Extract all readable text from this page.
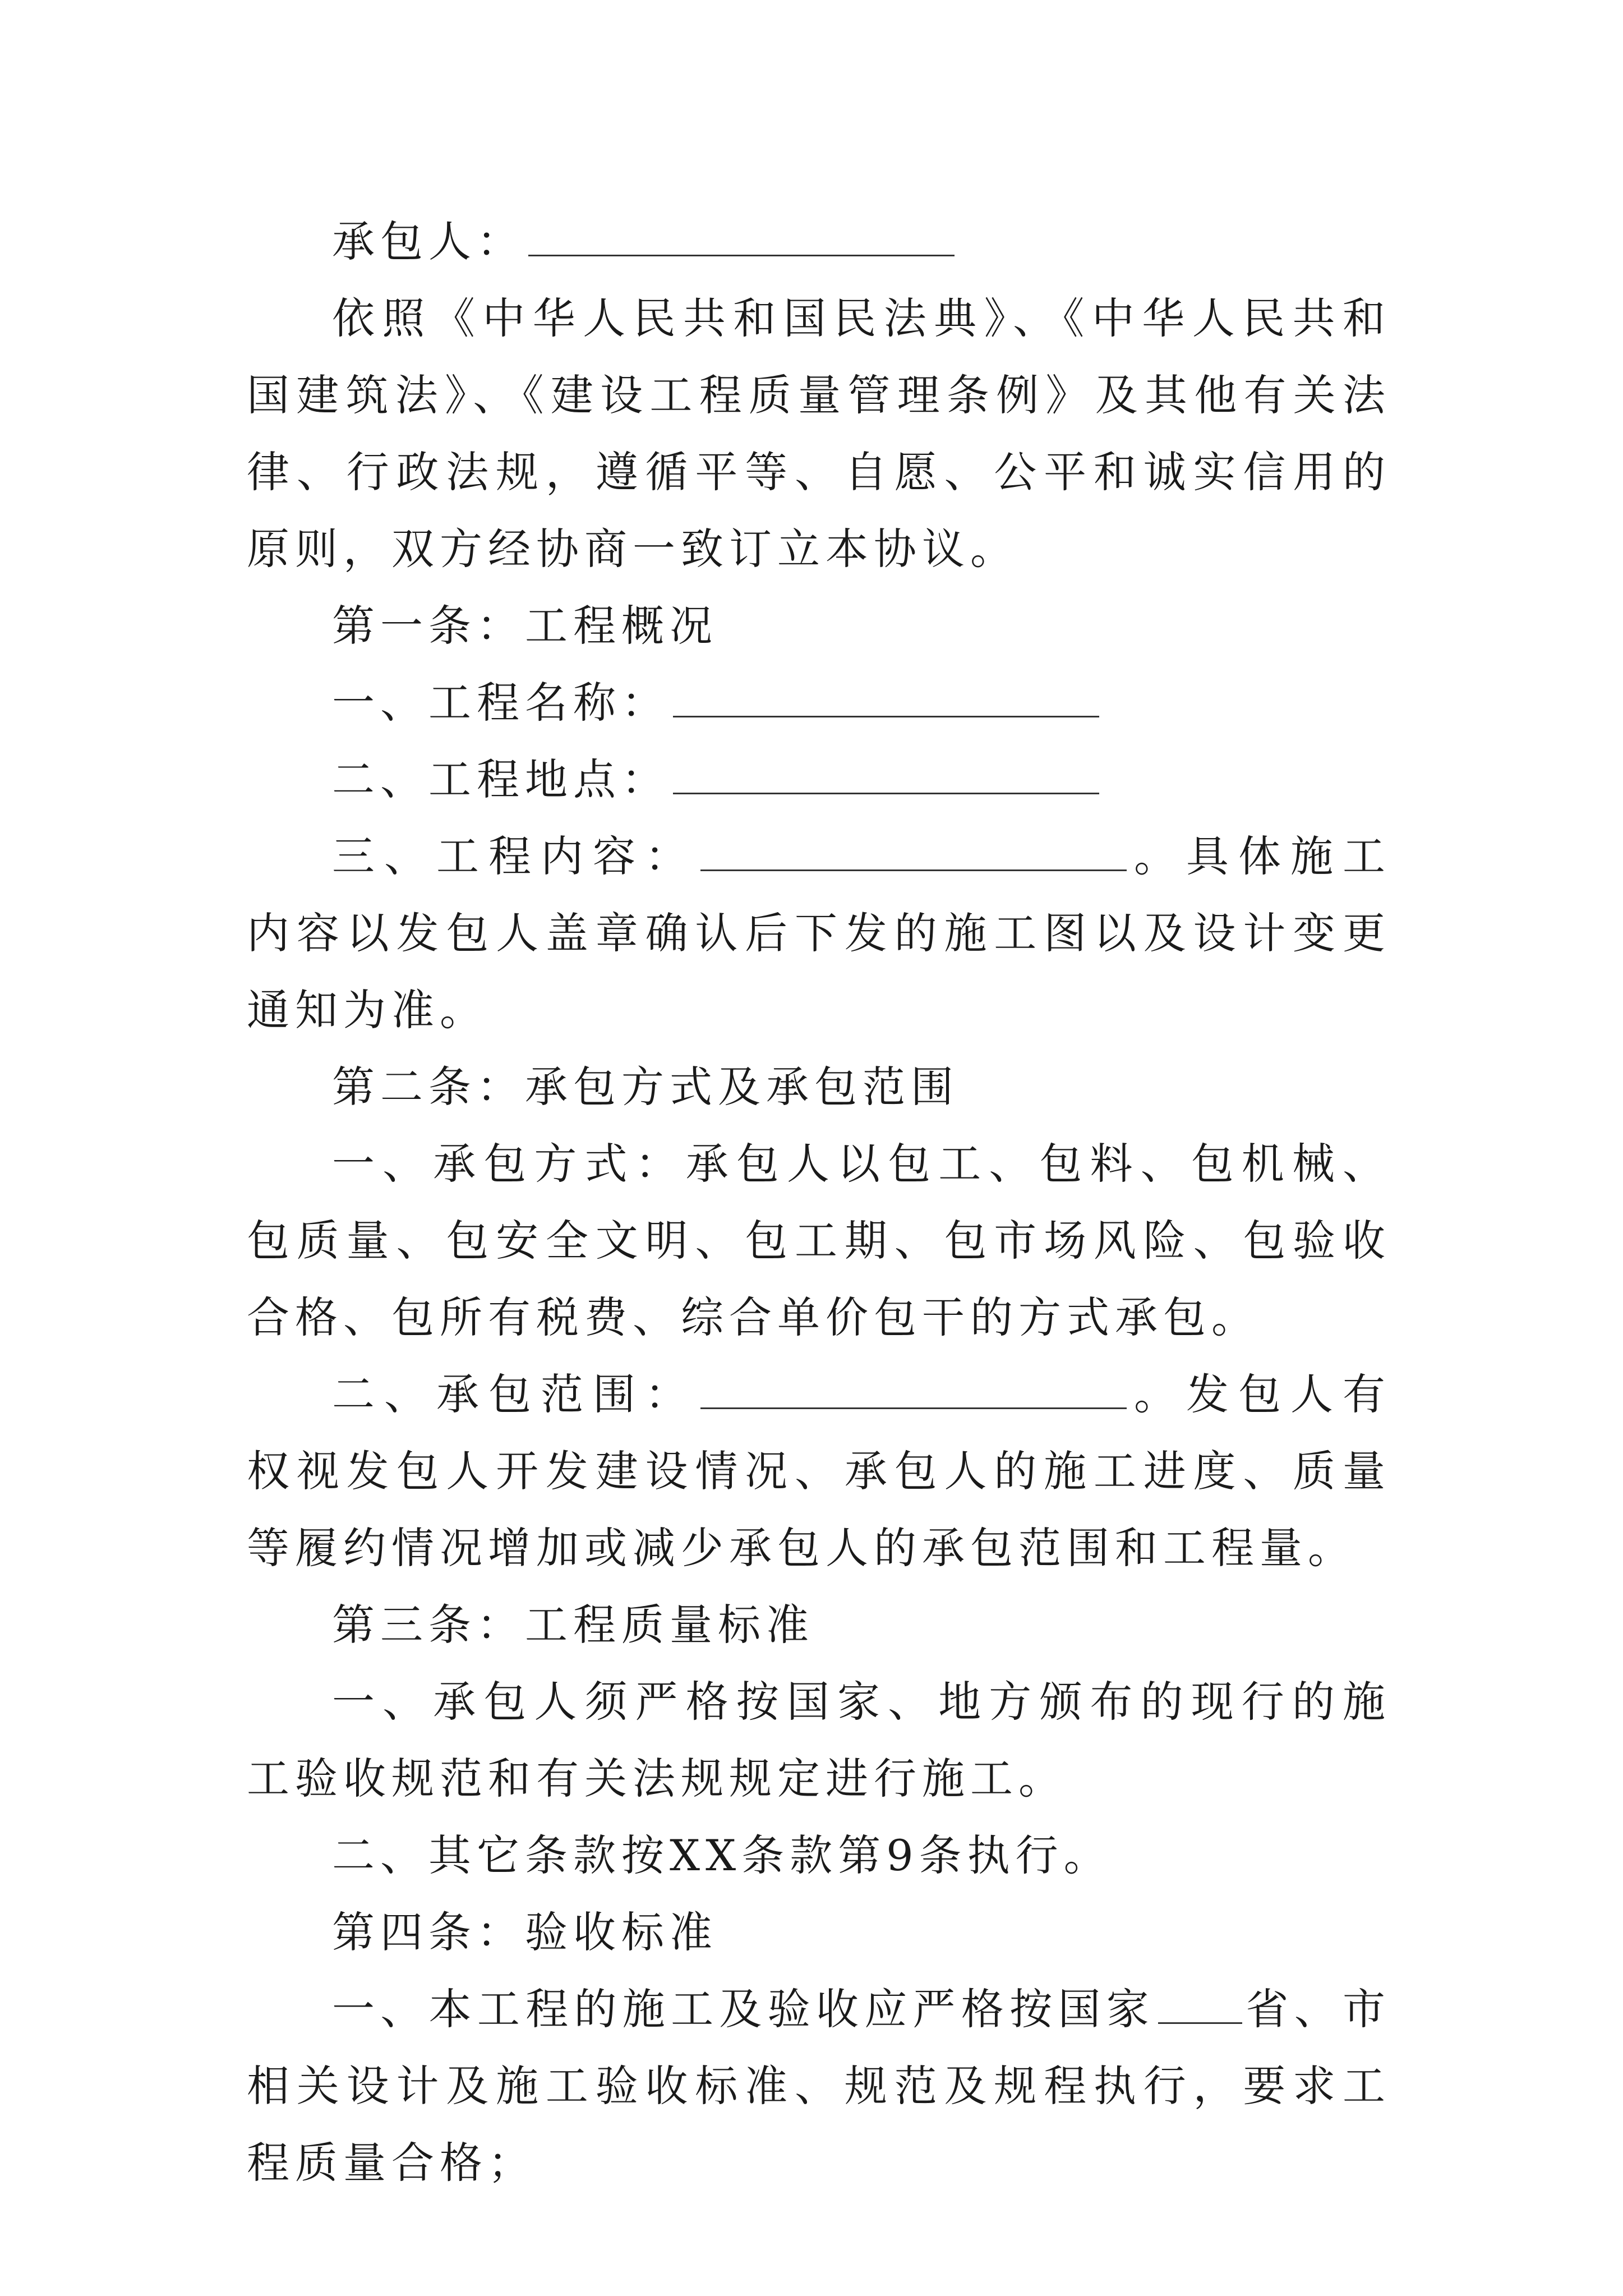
承包人：

依照《中华人民共和国民法典》、《中华人民共和国建筑法》、《建设工程质量管理条例》及其他有关法律、行政法规，遵循平等、自愿、公平和诚实信用的原则，双方经协商一致订立本协议。

第一条：工程概况

一、工程名称：

二、工程地点：

三、工程内容：	。具体施工内容以发包人盖章确认后下发的施工图以及设计变更通知为准。

第二条：承包方式及承包范围

一、承包方式：承包人以包工、包料、包机械、包质量、包安全文明、包工期、包市场风险、包验收合格、包所有税费、综合单价包干的方式承包。

二、承包范围：	。发包人有权视发包人开发建设情况、承包人的施工进度、质量等履约情况增加或减少承包人的承包范围和工程量。

第三条：工程质量标准

一、承包人须严格按国家、地方颁布的现行的施工验收规范和有关法规规定进行施工。

二、其它条款按XX条款第9条执行。

第四条：验收标准

一、本工程的施工及验收应严格按国家 省、市相关设计及施工验收标准、规范及规程执行，要求工程质量合格；
